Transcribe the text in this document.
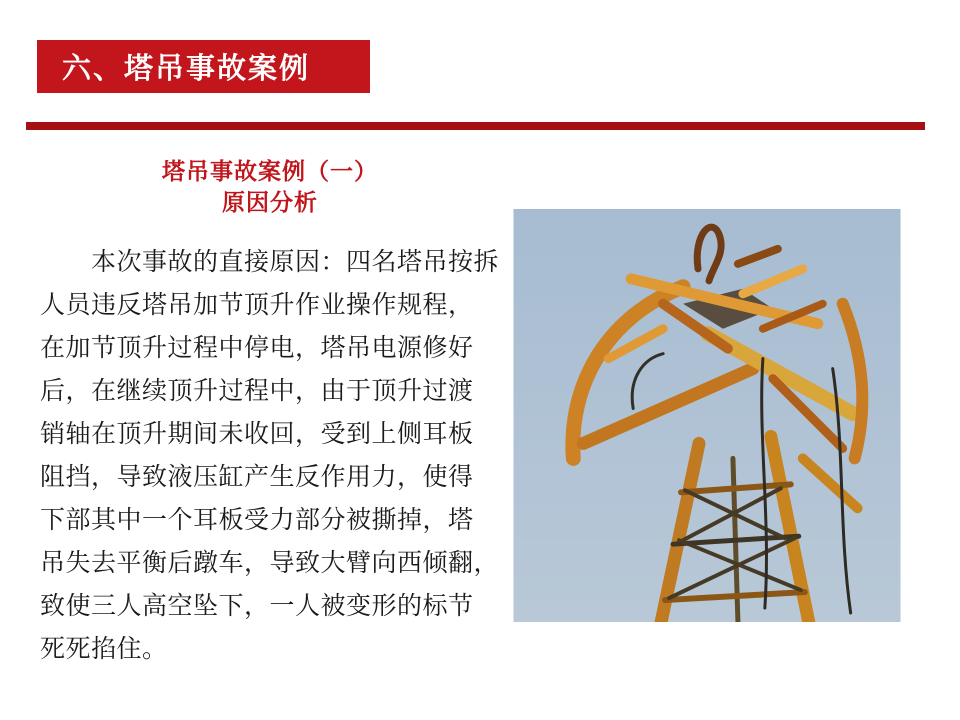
六、塔吊事故案例
塔吊事故案例（一）
原因分析
　　本次事故的直接原因：四名塔吊按拆
人员违反塔吊加节顶升作业操作规程，
在加节顶升过程中停电，塔吊电源修好
后，在继续顶升过程中，由于顶升过渡
销轴在顶升期间未收回，受到上侧耳板
阻挡，导致液压缸产生反作用力，使得
下部其中一个耳板受力部分被撕掉，塔
吊失去平衡后蹾车，导致大臂向西倾翻，
致使三人高空坠下，一人被变形的标节
死死掐住。
